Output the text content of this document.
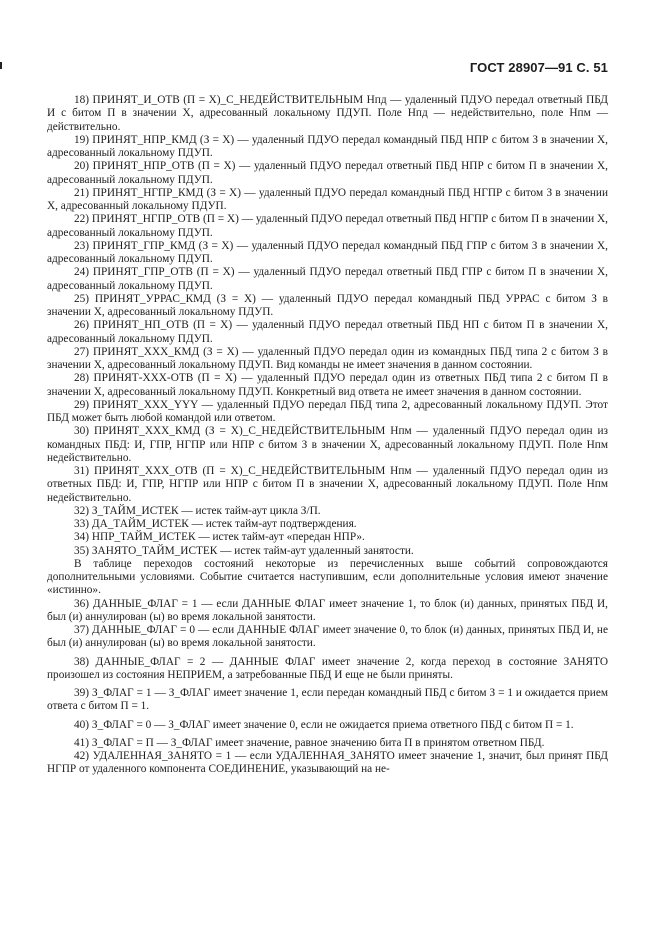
ГОСТ 28907—91 С. 51

18) ПРИНЯТ_И_ОТВ (П = Х)_С_НЕДЕЙСТВИТЕЛЬНЫМ Нпд — удаленный ПДУО передал ответный ПБД И с битом П в значении Х, адресованный локальному ПДУП. Поле Нпд — недействительно, поле Нпм — действительно.

19) ПРИНЯТ_НПР_КМД (З = Х) — удаленный ПДУО передал командный ПБД НПР с битом З в значении Х, адресованный локальному ПДУП.

20) ПРИНЯТ_НПР_ОТВ (П = Х) — удаленный ПДУО передал ответный ПБД НПР с битом П в значении Х, адресованный локальному ПДУП.

21) ПРИНЯТ_НГПР_КМД (З = Х) — удаленный ПДУО передал командный ПБД НГПР с битом З в значении Х, адресованный локальному ПДУП.

22) ПРИНЯТ_НГПР_ОТВ (П = Х) — удаленный ПДУО передал ответный ПБД НГПР с битом П в значении Х, адресованный локальному ПДУП.

23) ПРИНЯТ_ГПР_КМД (З = Х) — удаленный ПДУО передал командный ПБД ГПР с битом З в значении Х, адресованный локальному ПДУП.

24) ПРИНЯТ_ГПР_ОТВ (П = Х) — удаленный ПДУО передал ответный ПБД ГПР с битом П в значении Х, адресованный локальному ПДУП.

25) ПРИНЯТ_УРРАС_КМД (З = Х) — удаленный ПДУО передал командный ПБД УРРАС с битом З в значении Х, адресованный локальному ПДУП.

26) ПРИНЯТ_НП_ОТВ (П = Х) — удаленный ПДУО передал ответный ПБД НП с битом П в значении Х, адресованный локальному ПДУП.

27) ПРИНЯТ_ХХХ_КМД (З = Х) — удаленный ПДУО передал один из командных ПБД типа 2 с битом З в значении Х, адресованный локальному ПДУП. Вид команды не имеет значения в данном состоянии.

28) ПРИНЯТ-ХХХ-ОТВ (П = Х) — удаленный ПДУО передал один из ответных ПБД типа 2 с битом П в значении Х, адресованный локальному ПДУП. Конкретный вид ответа не имеет значения в данном состоянии.

29) ПРИНЯТ_ХХХ_YYY — удаленный ПДУО передал ПБД типа 2, адресованный локальному ПДУП. Этот ПБД может быть любой командой или ответом.

30) ПРИНЯТ_ХХХ_КМД (З = Х)_С_НЕДЕЙСТВИТЕЛЬНЫМ Нпм — удаленный ПДУО передал один из командных ПБД: И, ГПР, НГПР или НПР с битом З в значении Х, адресованный локальному ПДУП. Поле Нпм недействительно.

31) ПРИНЯТ_ХХХ_ОТВ (П = Х)_С_НЕДЕЙСТВИТЕЛЬНЫМ Нпм — удаленный ПДУО передал один из ответных ПБД: И, ГПР, НГПР или НПР с битом П в значении Х, адресованный локальному ПДУП. Поле Нпм недействительно.

32) З_ТАЙМ_ИСТЕК — истек тайм-аут цикла З/П.

33) ДА_ТАЙМ_ИСТЕК — истек тайм-аут подтверждения.

34) НПР_ТАЙМ_ИСТЕК — истек тайм-аут «передан НПР».

35) ЗАНЯТО_ТАЙМ_ИСТЕК — истек тайм-аут удаленный занятости.

В таблице переходов состояний некоторые из перечисленных выше событий сопровождаются дополнительными условиями. Событие считается наступившим, если дополнительные условия имеют значение «истинно».

36) ДАННЫЕ_ФЛАГ = 1 — если ДАННЫЕ ФЛАГ имеет значение 1, то блок (и) данных, принятых ПБД И, был (и) аннулирован (ы) во время локальной занятости.

37) ДАННЫЕ_ФЛАГ = 0 — если ДАННЫЕ ФЛАГ имеет значение 0, то блок (и) данных, принятых ПБД И, не был (и) аннулирован (ы) во время локальной занятости.

38) ДАННЫЕ_ФЛАГ = 2 — ДАННЫЕ ФЛАГ имеет значение 2, когда переход в состояние ЗАНЯТО произошел из состояния НЕПРИЕМ, а затребованные ПБД И еще не были приняты.

39) З_ФЛАГ = 1 — З_ФЛАГ имеет значение 1, если передан командный ПБД с битом З = 1 и ожидается прием ответа с битом П = 1.

40) З_ФЛАГ = 0 — З_ФЛАГ имеет значение 0, если не ожидается приема ответного ПБД с битом П = 1.

41) З_ФЛАГ = П — З_ФЛАГ имеет значение, равное значению бита П в принятом ответном ПБД.

42) УДАЛЕННАЯ_ЗАНЯТО = 1 — если УДАЛЕННАЯ_ЗАНЯТО имеет значение 1, значит, был принят ПБД НГПР от удаленного компонента СОЕДИНЕНИЕ, указывающий на не-
